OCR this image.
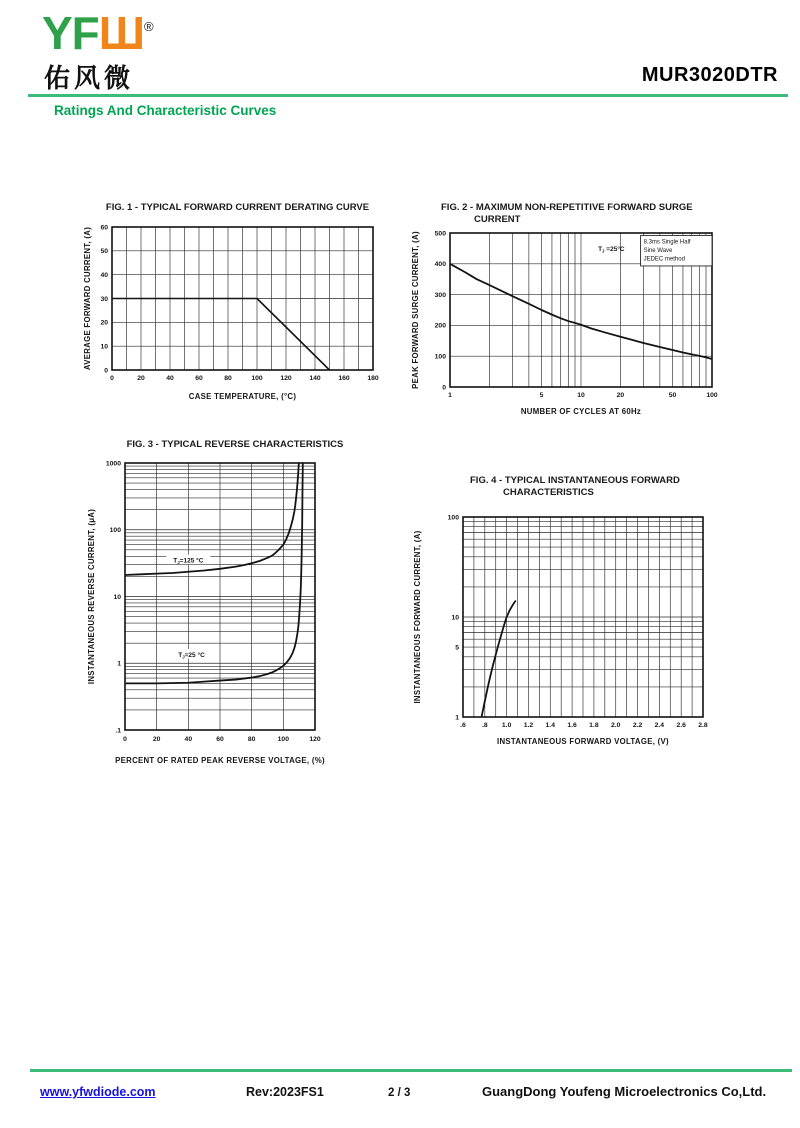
YFШ®
佑风微	MUR3020DTR
Ratings And Characteristic Curves
FIG. 1 - TYPICAL FORWARD CURRENT DERATING CURVE
0	20	40	60	80	100	120	140	160	180
0
10
20
30
40
50
60
CASE TEMPERATURE, (°C)
AVERAGE FORWARD CURRENT, (A)
FIG. 2 - MAXIMUM NON-REPETITIVE FORWARD SURGE CURRENT
1	5	10	20	50	100
0
100
200
300
400
500
NUMBER OF CYCLES AT 60Hz
PEAK FORWARD SURGE CURRENT, (A)	$T_J =25^\circ C$
8.3ms Single Half
Sine Wave
JEDEC method
FIG. 3 - TYPICAL REVERSE CHARACTERISTICS
0	20	40	60	80	100	120
.1
1
10
100
1000
PERCENT OF RATED PEAK REVERSE VOLTAGE, (%)
INSTANTANEOUS REVERSE CURRENT, (μA)	$T_J=125$ °C
$T_J=25$ °C
FIG. 4 - TYPICAL INSTANTANEOUS FORWARD CHARACTERISTICS
.6 .8 1.0 1.2 1.4 1.6 1.8 2.0 2.2 2.4 2.6 2.8
1
5
10
100
INSTANTANEOUS FORWARD VOLTAGE, (V)
INSTANTANEOUS FORWARD CURRENT, (A)
www.yfwdiode.com	Rev:2023FS1	2 / 3	GuangDong Youfeng Microelectronics Co,Ltd.
